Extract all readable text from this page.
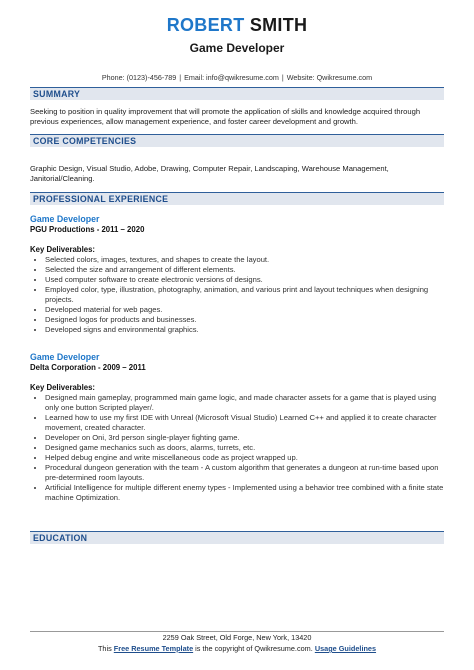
ROBERT SMITH
Game Developer
Phone: (0123)-456-789 | Email: info@qwikresume.com | Website: Qwikresume.com
SUMMARY
Seeking to position in quality improvement that will promote the application of skills and knowledge acquired through previous experiences, allow management experience, and foster career development and growth.
CORE COMPETENCIES
Graphic Design, Visual Studio, Adobe, Drawing, Computer Repair, Landscaping, Warehouse Management, Janitorial/Cleaning.
PROFESSIONAL EXPERIENCE
Game Developer
PGU Productions - 2011 – 2020
Key Deliverables:
• Selected colors, images, textures, and shapes to create the layout.
• Selected the size and arrangement of different elements.
• Used computer software to create electronic versions of designs.
• Employed color, type, illustration, photography, animation, and various print and layout techniques when designing projects.
• Developed material for web pages.
• Designed logos for products and businesses.
• Developed signs and environmental graphics.
Game Developer
Delta Corporation - 2009 – 2011
Key Deliverables:
• Designed main gameplay, programmed main game logic, and made character assets for a game that is played using only one button Scripted player/.
• Learned how to use my first IDE with Unreal (Microsoft Visual Studio) Learned C++ and applied it to create character movement, created character.
• Developer on Oni, 3rd person single-player fighting game.
• Designed game mechanics such as doors, alarms, turrets, etc.
• Helped debug engine and write miscellaneous code as project wrapped up.
• Procedural dungeon generation with the team - A custom algorithm that generates a dungeon at run-time based upon pre-determined room layouts.
• Artificial Intelligence for multiple different enemy types - Implemented using a behavior tree combined with a finite state machine Optimization.
EDUCATION
2259 Oak Street, Old Forge, New York, 13420
This Free Resume Template is the copyright of Qwikresume.com. Usage Guidelines
